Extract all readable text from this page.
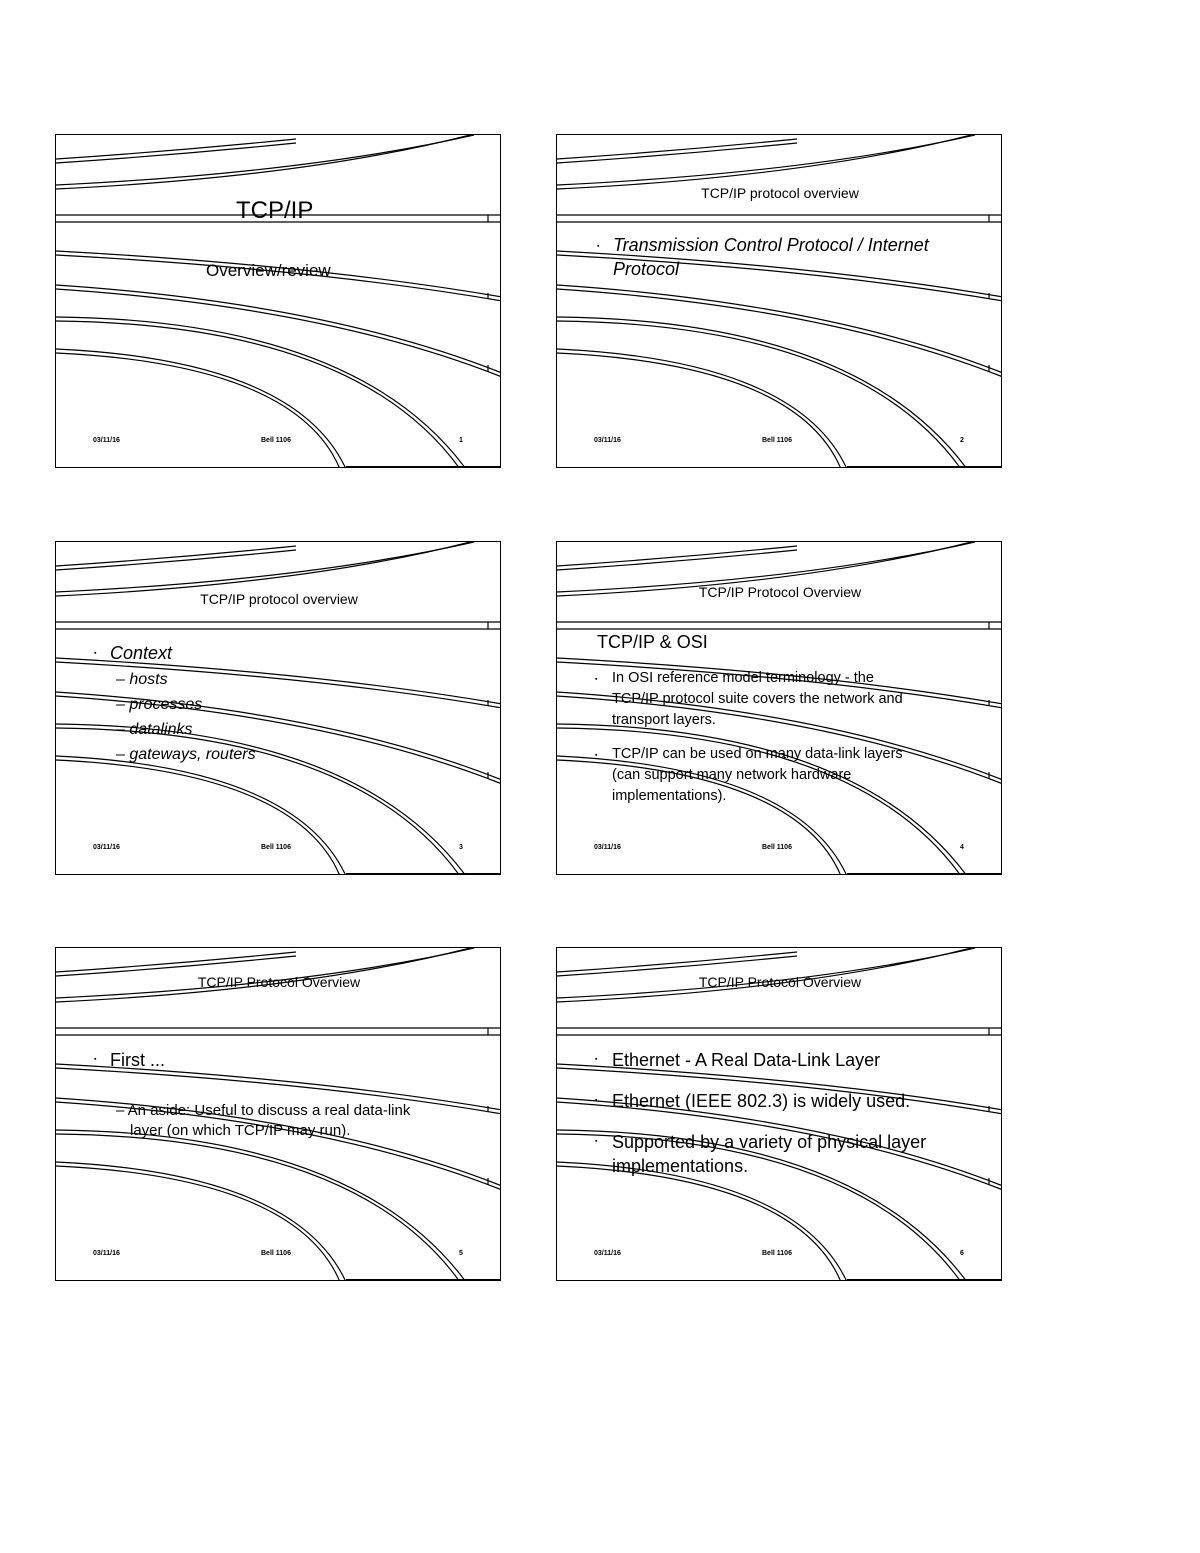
TCP/IP
Overview/review
03/11/16	Bell 1106	1
TCP/IP protocol overview
▪ Transmission Control Protocol / Internet
Protocol
03/11/16	Bell 1106	2
TCP/IP protocol overview
▪ Context
– hosts
– processes
– datalinks
– gateways, routers
03/11/16	Bell 1106	3
TCP/IP Protocol Overview
TCP/IP & OSI
▪ In OSI reference model terminology - the
TCP/IP protocol suite covers the network and
transport layers.
▪ TCP/IP can be used on many data-link layers
(can support many network hardware
implementations).
03/11/16	Bell 1106	4
TCP/IP Protocol Overview
▪ First ...
– An aside: Useful to discuss a real data-link
layer (on which TCP/IP may run).
03/11/16	Bell 1106	5
TCP/IP Protocol Overview
▪ Ethernet - A Real Data-Link Layer
▪ Ethernet (IEEE 802.3) is widely used.
▪ Supported by a variety of physical layer
implementations.
03/11/16	Bell 1106	6
